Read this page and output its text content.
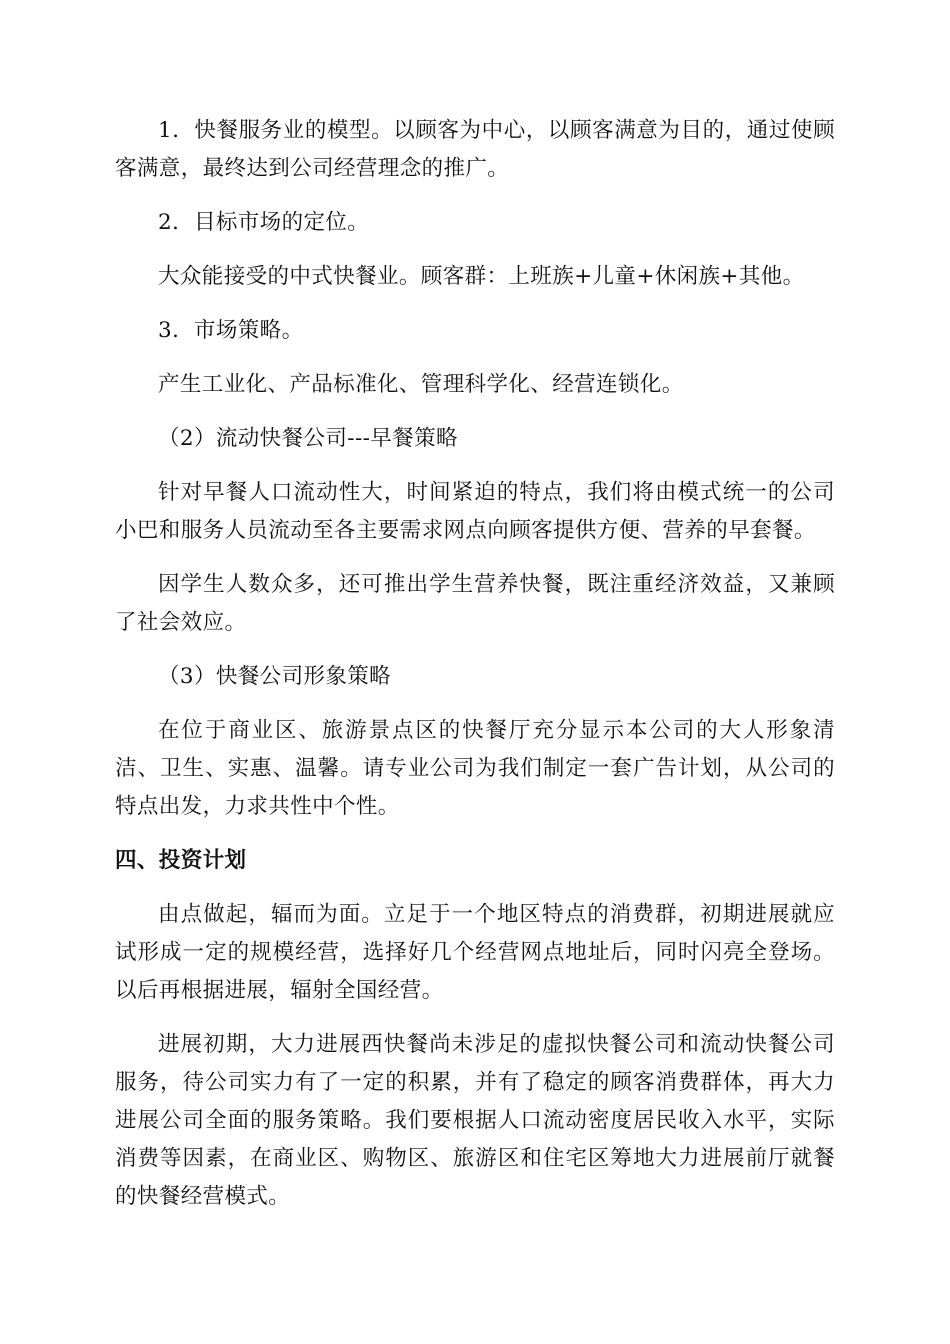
1．快餐服务业的模型。以顾客为中心，以顾客满意为目的，通过使顾客满意，最终达到公司经营理念的推广。

2．目标市场的定位。

大众能接受的中式快餐业。顾客群：上班族+儿童+休闲族+其他。

3．市场策略。

产生工业化、产品标准化、管理科学化、经营连锁化。

（2）流动快餐公司---早餐策略

针对早餐人口流动性大，时间紧迫的特点，我们将由模式统一的公司小巴和服务人员流动至各主要需求网点向顾客提供方便、营养的早套餐。

因学生人数众多，还可推出学生营养快餐，既注重经济效益，又兼顾了社会效应。

（3）快餐公司形象策略

在位于商业区、旅游景点区的快餐厅充分显示本公司的大人形象清洁、卫生、实惠、温馨。请专业公司为我们制定一套广告计划，从公司的特点出发，力求共性中个性。

四、投资计划

由点做起，辐而为面。立足于一个地区特点的消费群，初期进展就应试形成一定的规模经营，选择好几个经营网点地址后，同时闪亮全登场。以后再根据进展，辐射全国经营。

进展初期，大力进展西快餐尚未涉足的虚拟快餐公司和流动快餐公司服务，待公司实力有了一定的积累，并有了稳定的顾客消费群体，再大力进展公司全面的服务策略。我们要根据人口流动密度居民收入水平，实际消费等因素，在商业区、购物区、旅游区和住宅区筹地大力进展前厅就餐的快餐经营模式。
